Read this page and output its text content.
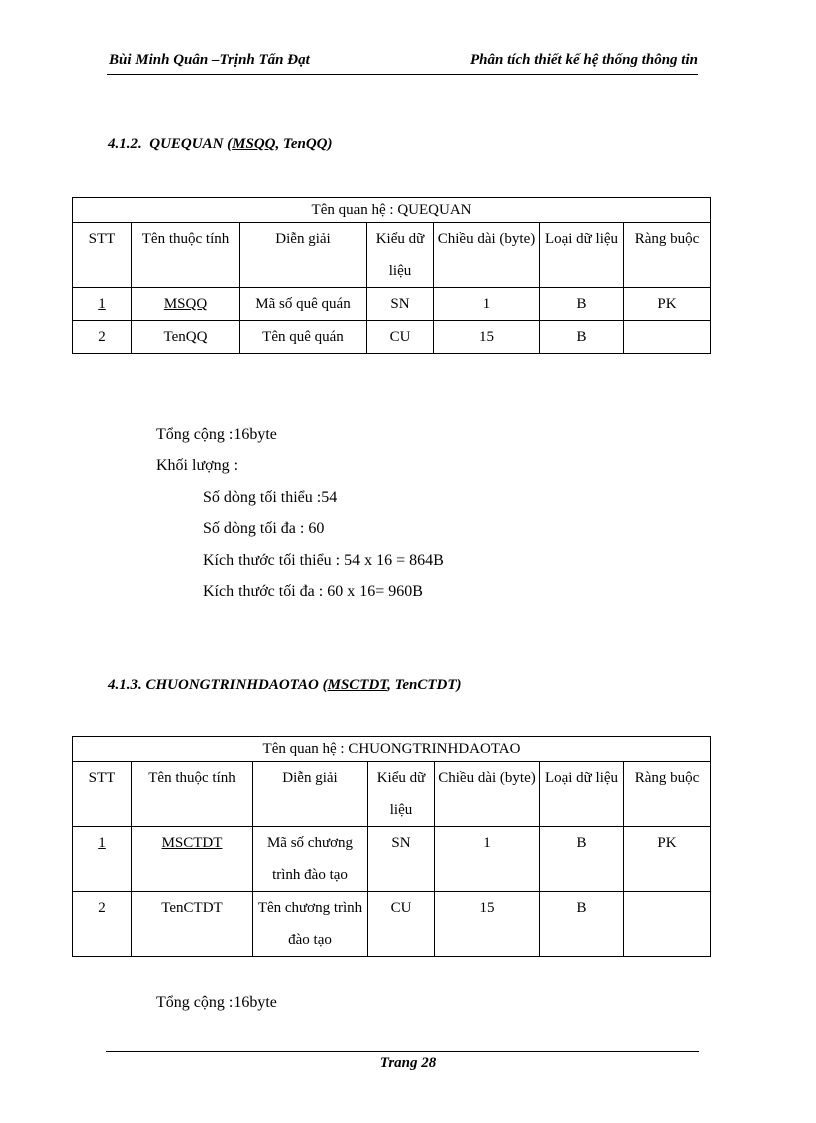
Bùi Minh Quân –Trịnh Tấn Đạt	Phân tích thiết kế hệ thống thông tin
4.1.2. QUEQUAN (MSQQ, TenQQ)
Tên quan hệ : QUEQUAN						
STT	Tên thuộc tính	Diễn giải	Kiểu dữ liệu	Chiều dài (byte)	Loại dữ liệu	Ràng buộc
1	MSQQ	Mã số quê quán	SN	1	B	PK
2	TenQQ	Tên quê quán	CU	15	B	
Tổng cộng :16byte
Khối lượng :
Số dòng tối thiểu :54
Số dòng tối đa : 60
Kích thước tối thiểu : 54 x 16 = 864B
Kích thước tối đa : 60 x 16= 960B
4.1.3. CHUONGTRINHDAOTAO (MSCTDT, TenCTDT)
Tên quan hệ : CHUONGTRINHDAOTAO						
STT	Tên thuộc tính	Diễn giải	Kiểu dữ liệu	Chiều dài (byte)	Loại dữ liệu	Ràng buộc
1	MSCTDT	Mã số chương trình đào tạo	SN	1	B	PK
2	TenCTDT	Tên chương trình đào tạo	CU	15	B	
Tổng cộng :16byte
Trang 28
